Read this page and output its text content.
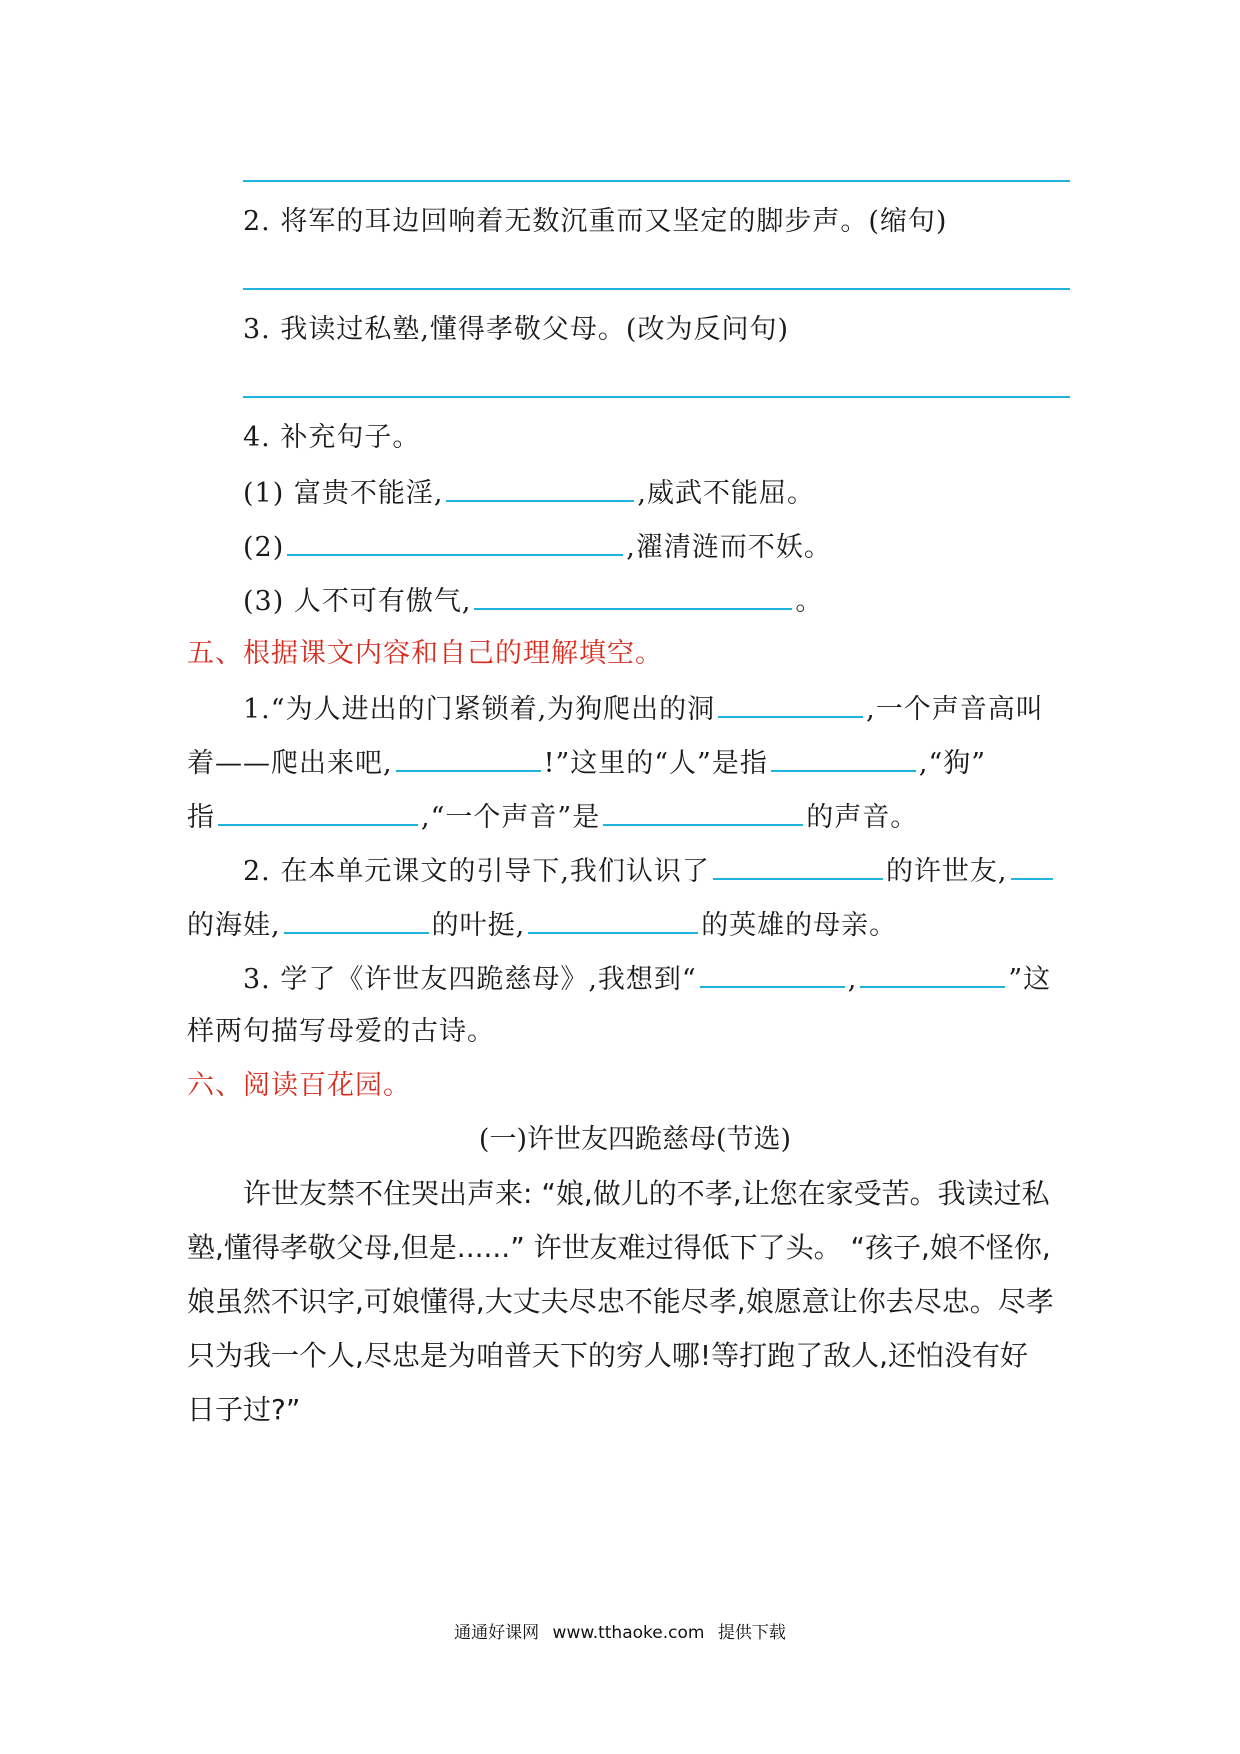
2. 将军的耳边回响着无数沉重而又坚定的脚步声。(缩句)
3. 我读过私塾,懂得孝敬父母。(改为反问句)
4. 补充句子。
(1) 富贵不能淫,	,威武不能屈。
(2)	,濯清涟而不妖。
(3) 人不可有傲气,	。
五、根据课文内容和自己的理解填空。
1.“为人进出的门紧锁着,为狗爬出的洞	,一个声音高叫
着——爬出来吧,	!”这里的“人”是指	,“狗”
指	,“一个声音”是	的声音。
2. 在本单元课文的引导下,我们认识了	的许世友,
的海娃,	的叶挺,	的英雄的母亲。
3. 学了《许世友四跪慈母》,我想到“	,	”这
样两句描写母爱的古诗。
六、阅读百花园。
(一)许世友四跪慈母(节选)
许世友禁不住哭出声来: “娘,做儿的不孝,让您在家受苦。我读过私
塾,懂得孝敬父母,但是......” 许世友难过得低下了头。 “孩子,娘不怪你,
娘虽然不识字,可娘懂得,大丈夫尽忠不能尽孝,娘愿意让你去尽忠。尽孝
只为我一个人,尽忠是为咱普天下的穷人哪!等打跑了敌人,还怕没有好
日子过?”
通通好课网 www.tthaoke.com 提供下载
